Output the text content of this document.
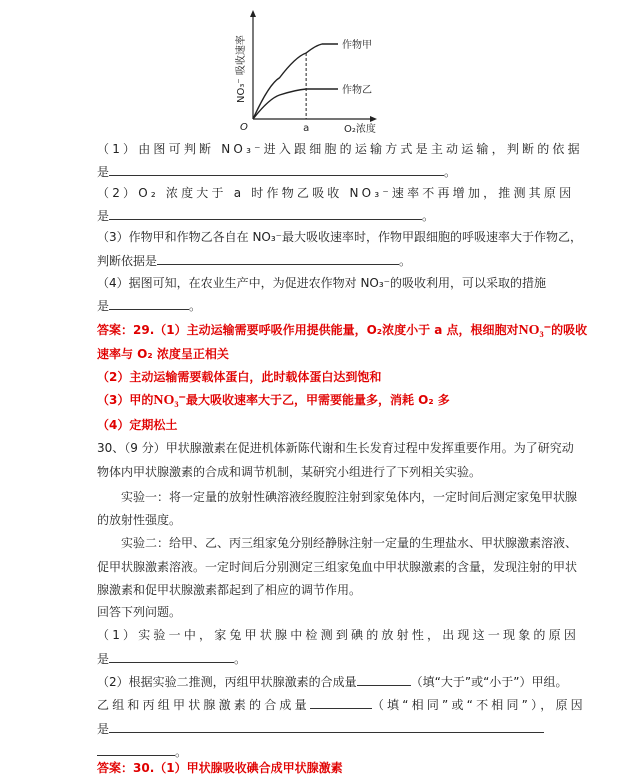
NO₃⁻ 吸收速率
O	a	O₂浓度
作物甲
作物乙
（1）由图可判断 NO₃⁻进入跟细胞的运输方式是主动运输，判断的依据
是	。
（2）O₂ 浓度大于 a 时作物乙吸收 NO₃⁻速率不再增加，推测其原因
是	。
（3）作物甲和作物乙各自在 NO₃⁻最大吸收速率时，作物甲跟细胞的呼吸速率大于作物乙，
判断依据是	。
（4）据图可知，在农业生产中，为促进农作物对 NO₃⁻的吸收利用，可以采取的措施
是	。
答案：29.（1）主动运输需要呼吸作用提供能量，O₂浓度小于 a 点，根细胞对NO₃⁻的吸收
速率与 O₂ 浓度呈正相关
（2）主动运输需要载体蛋白，此时载体蛋白达到饱和
（3）甲的NO₃⁻最大吸收速率大于乙，甲需要能量多，消耗 O₂ 多
（4）定期松土
30、（9 分）甲状腺激素在促进机体新陈代谢和生长发育过程中发挥重要作用。为了研究动
物体内甲状腺激素的合成和调节机制，某研究小组进行了下列相关实验。
实验一：将一定量的放射性碘溶液经腹腔注射到家兔体内，一定时间后测定家兔甲状腺
的放射性强度。
实验二：给甲、乙、丙三组家兔分别经静脉注射一定量的生理盐水、甲状腺激素溶液、
促甲状腺激素溶液。一定时间后分别测定三组家兔血中甲状腺激素的含量，发现注射的甲状
腺激素和促甲状腺激素都起到了相应的调节作用。
回答下列问题。
（1）实验一中，家兔甲状腺中检测到碘的放射性，出现这一现象的原因
是	。
（2）根据实验二推测，丙组甲状腺激素的合成量	（填“大于”或“小于”）甲组。
乙组和丙组甲状腺激素的合成量	（填“相同”或“不相同”），原因
是
。
答案：30.（1）甲状腺吸收碘合成甲状腺激素
